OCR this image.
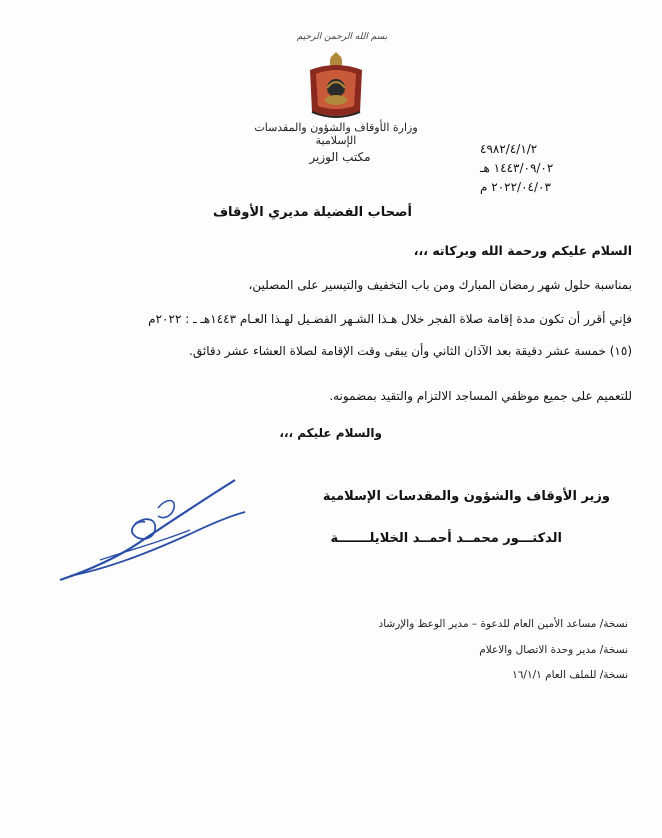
بسم الله الرحمن الرحيم
وزارة الأوقاف والشؤون والمقدسات الإسلامية
مكتب الوزير
٤٩٨٢/٤/١/٢
١٤٤٣/٠٩/٠٢ هـ
٢٠٢٢/٠٤/٠٣ م
أصحاب الفضيلة مديري الأوقاف
السلام عليكم ورحمة الله وبركاته ،،،
بمناسبة حلول شهر رمضان المبارك ومن باب التخفيف والتيسير على المصلين،
فإني أقرر أن تكون مدة إقامة صلاة الفجر خلال هـذا الشـهر الفضـيل لهـذا العـام ١٤٤٣هـ ـ : ٢٠٢٢م
(١٥) خمسة عشر دقيقة بعد الآذان الثاني وأن يبقى وقت الإقامة لصلاة العشاء عشر دقائق.
للتعميم على جميع موظفي المساجد الالتزام والتقيد بمضمونه.
والسلام عليكم ،،،
وزير الأوقاف والشؤون والمقدسات الإسلامية
الدكتـــور محمــد أحمــد الخلايلـــــــة
نسخة/ مساعد الأمين العام للدعوة – مدير الوعظ والإرشاد
نسخة/ مدير وحدة الاتصال والاعلام
نسخة/ للملف العام ١٦/١/١
